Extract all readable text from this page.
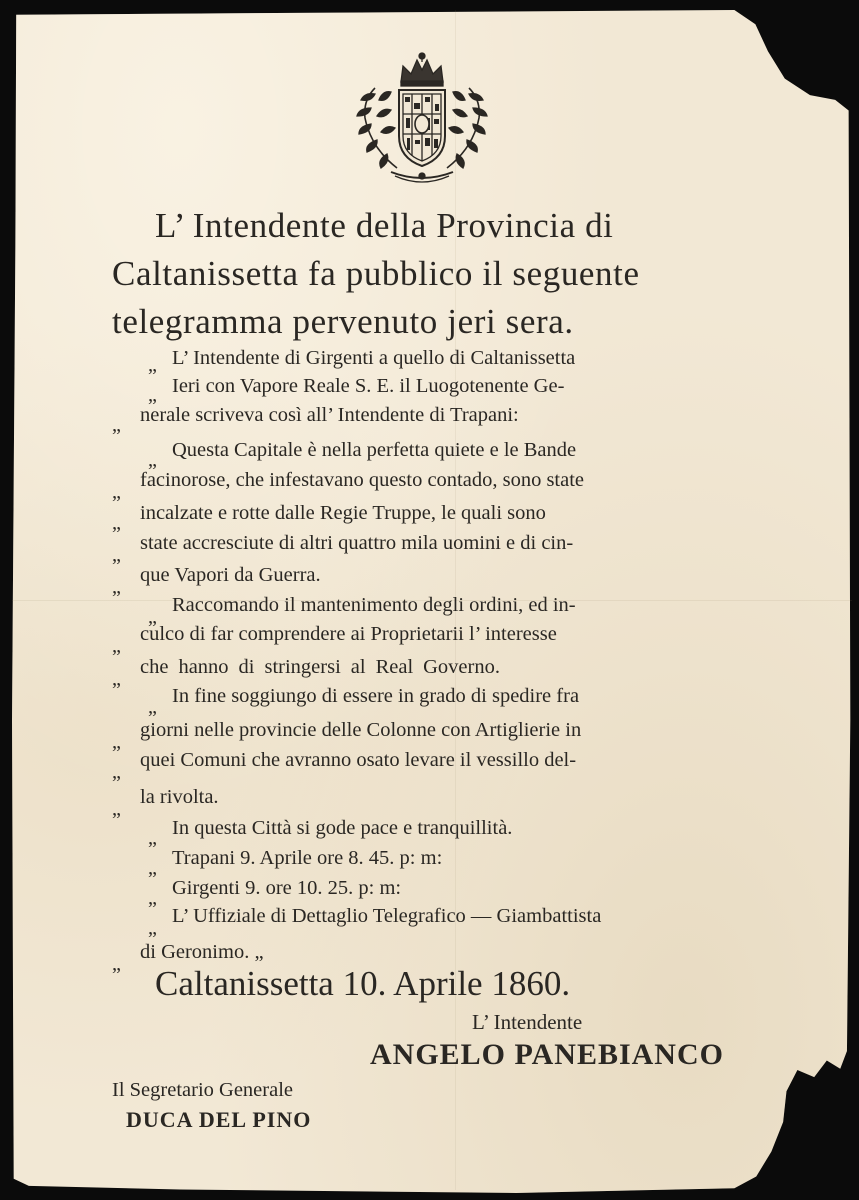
L’ Intendente della Provincia di
Caltanissetta fa pubblico il seguente
telegramma pervenuto jeri sera.
„ L’ Intendente di Girgenti a quello di Caltanissetta
„ Ieri con Vapore Reale S. E. il Luogotenente Ge-
„ nerale scriveva così all’ Intendente di Trapani:
„ Questa Capitale è nella perfetta quiete e le Bande
„
facinorose, che infestavano questo contado, sono state
„ incalzate e rotte dalle Regie Truppe, le quali sono
„
state accresciute di altri quattro mila uomini e di cin-
„
que Vapori da Guerra.
„
Raccomando il mantenimento degli ordini, ed in-
„
culco di far comprendere ai Proprietarii l’ interesse
„
che hanno di stringersi al Real Governo.
„ In fine soggiungo di essere in grado di spedire fra
„
giorni nelle provincie delle Colonne con Artiglierie in
„
quei Comuni che avranno osato levare il vessillo del-
„
la rivolta.
„ In questa Città si gode pace e tranquillità.
„ Trapani 9. Aprile ore 8. 45. p: m:
„ Girgenti 9. ore 10. 25. p: m:
„
L’ Uffiziale di Dettaglio Telegrafico — Giambattista
„
di Geronimo. „
Caltanissetta 10. Aprile 1860.
L’ Intendente
ANGELO PANEBIANCO
Il Segretario Generale
DUCA DEL PINO
